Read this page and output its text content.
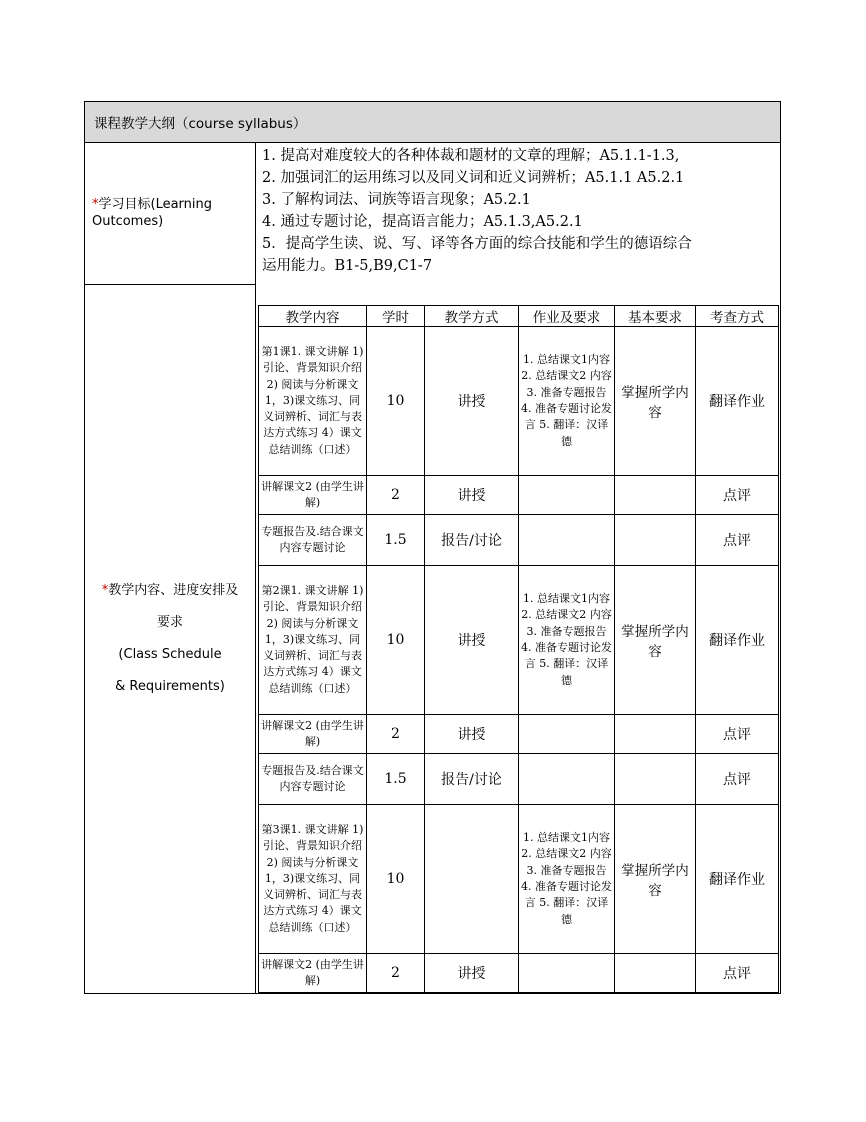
课程教学大纲（course syllabus）
*学习目标(Learning
Outcomes)	
1. 提高对难度较大的各种体裁和题材的文章的理解；A5.1.1-1.3,
2. 加强词汇的运用练习以及同义词和近义词辨析；A5.1.1 A5.2.1
3. 了解构词法、词族等语言现象；A5.2.1
4. 通过专题讨论，提高语言能力；A5.1.3,A5.2.1
5．提高学生读、说、写、译等各方面的综合技能和学生的德语综合
运用能力。B1-5,B9,C1-7
教学内容	学时	教学方式	作业及要求	基本要求	考查方式
第1课1. 课文讲解 1)引论、背景知识介绍 2) 阅读与分析课文1，3)课文练习、同义词辨析、词汇与表达方式练习 4）课文总结训练（口述）	10	讲授	1. 总结课文1内容 2. 总结课文2 内容 3. 准备专题报告 4. 准备专题讨论发言 5. 翻译：汉译德	掌握所学内容	翻译作业
讲解课文2 (由学生讲解)	2	讲授			点评
专题报告及.结合课文内容专题讨论	1.5	报告/讨论			点评
第2课1. 课文讲解 1)引论、背景知识介绍 2) 阅读与分析课文1，3)课文练习、同义词辨析、词汇与表达方式练习 4）课文总结训练（口述）	10	讲授	1. 总结课文1内容 2. 总结课文2 内容 3. 准备专题报告 4. 准备专题讨论发言 5. 翻译：汉译德	掌握所学内容	翻译作业
讲解课文2 (由学生讲解)	2	讲授			点评
专题报告及.结合课文内容专题讨论	1.5	报告/讨论			点评
第3课1. 课文讲解 1)引论、背景知识介绍 2) 阅读与分析课文1，3)课文练习、同义词辨析、词汇与表达方式练习 4）课文总结训练（口述）	10		1. 总结课文1内容 2. 总结课文2 内容 3. 准备专题报告 4. 准备专题讨论发言 5. 翻译：汉译德	掌握所学内容	翻译作业
讲解课文2 (由学生讲解)	2	讲授			点评

*教学内容、进度安排及

要求

(Class Schedule

& Requirements)
